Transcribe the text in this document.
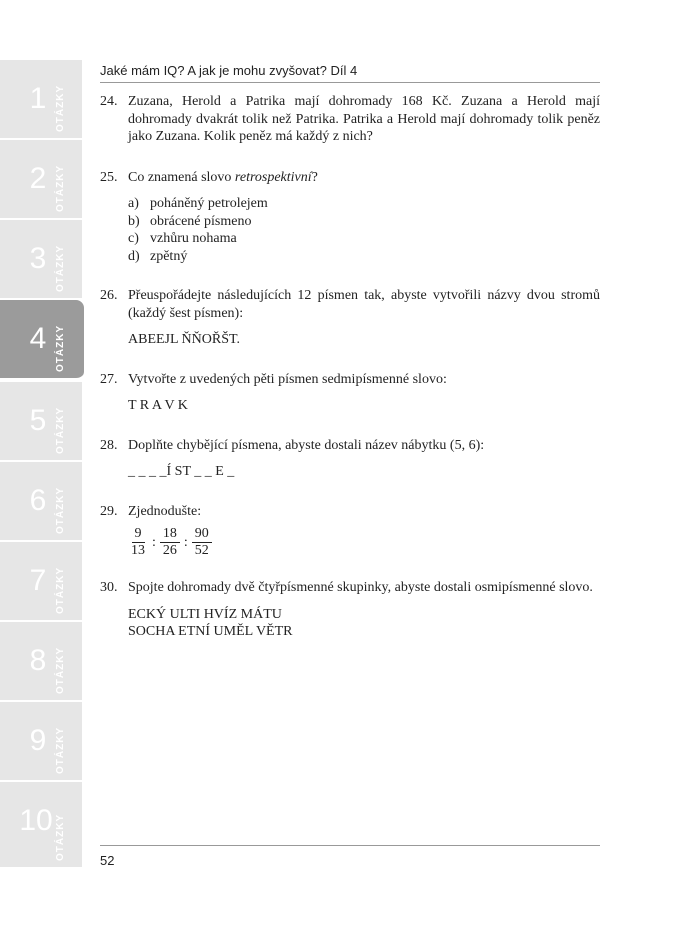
1 OTÁZKY
2 OTÁZKY
3 OTÁZKY
4 OTÁZKY
5 OTÁZKY
6 OTÁZKY
7 OTÁZKY
8 OTÁZKY
9 OTÁZKY
10 OTÁZKY
Jaké mám IQ? A jak je mohu zvyšovat? Díl 4
24. Zuzana, Herold a Patrika mají dohromady 168 Kč. Zuzana a Herold mají dohromady dvakrát tolik než Patrika. Patrika a Herold mají dohromady tolik peněz jako Zuzana. Kolik peněz má každý z nich?
25. Co znamená slovo retrospektivní?
a) poháněný petrolejem
b) obrácené písmeno
c) vzhůru nohama
d) zpětný
26. Přeuspořádejte následujících 12 písmen tak, abyste vytvořili názvy dvou stromů (každý šest písmen):
ABEEJL ŇŇOŘŠT.
27. Vytvořte z uvedených pěti písmen sedmipísmenné slovo:
T R A V K
28. Doplňte chybějící písmena, abyste dostali název nábytku (5, 6):
_ _ _ _Í ST _ _ E _
29. Zjednodušte:
$\frac{9}{13}$ : $\frac{18}{26}$ : $\frac{90}{52}$
30. Spojte dohromady dvě čtyřpísmenné skupinky, abyste dostali osmipísmenné slovo.
ECKÝ ULTI HVÍZ MÁTU
SOCHA ETNÍ UMĚL VĚTR
52
